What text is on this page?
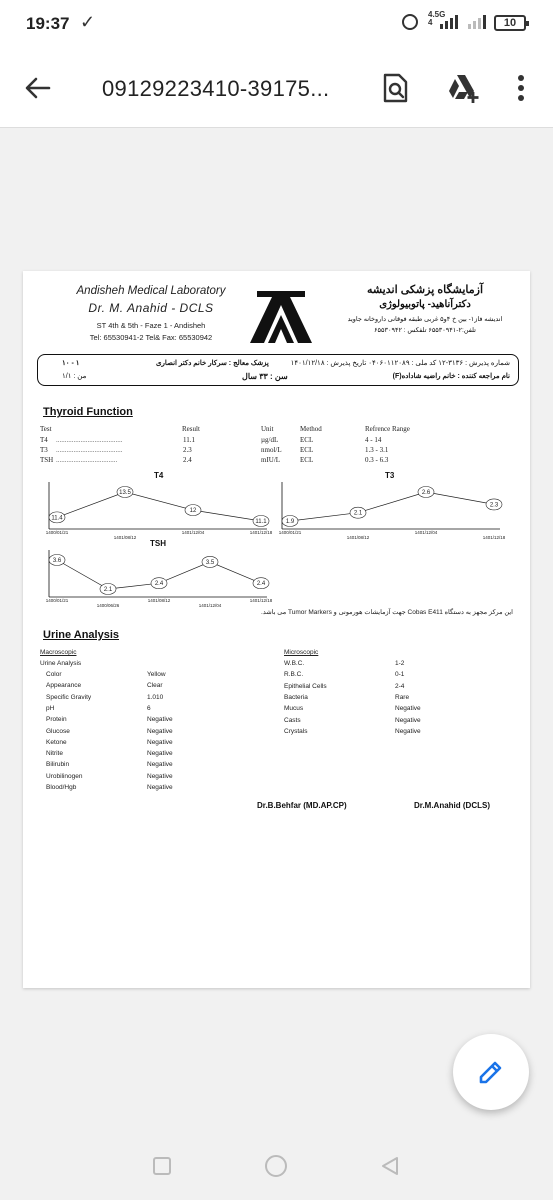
19:37 ✓	4.5G
4	10
09129223410-39175...
Andisheh Medical Laboratory
Dr. M. Anahid - DCLS
ST 4th & 5th - Faze 1 - Andisheh
Tel: 65530941-2 Tel& Fax: 65530942
آزمایشگاه پزشکی اندیشه
دکترآناهید- پاتوبیولوژی
اندیشه فاز۱- بین خ ۴و۵ غربی طبقه فوقانی داروخانه جاوید
تلفن:۲-۶۵۵۳۰۹۴۱ تلفکس : ۶۵۵۳۰۹۴۲
شماره پذیرش : ۳۱۳۶-۱۲ کد ملی : ۰۴۰۶۰۱۱۲۰۸۹ تاریخ پذیرش : ۱۴۰۱/۱۲/۱۸
پزشک معالج : سرکار خانم دکتر انصاری
۱ - ۱۰
نام مراجعه کننده : خانم راضیه شاداده(F)
سن : ۳۳ سال
من : ۱/۱
Thyroid Function
Test	Result	Unit	Method	Refrence Range
T4 ......................................	11.1	µg/dL	ECL	4 - 14
T3 ......................................	2.3	nmol/L	ECL	1.3 - 3.1
TSH ...................................	2.4	mIU/L	ECL	0.3 - 6.3
T4
11.4
13.5
12
11.1
1400/01/21
1401/08/12
1401/12/04	1401/12/18
T3
1.9
2.1
2.6
2.3
1400/01/21
1401/08/12
1401/12/04
1401/12/18
TSH
3.6
2.1
2.4
3.5
2.4
1400/01/21
1400/06/26
1401/08/12
1401/12/04
1401/12/18
این مرکز مجهز به دستگاه Cobas E411 جهت آزمایشات هورمونی و Tumor Markers می باشد.
Urine Analysis
Macroscopic
Urine Analysis
Color	Yellow
Appearance	Clear
Specific Gravity	1.010
pH	6
Protein	Negative
Glucose	Negative
Ketone	Negative
Nitrite	Negative
Bilirubin	Negative
Urobilinogen	Negative
Blood/Hgb	Negative
Microscopic
W.B.C.	1-2
R.B.C.	0-1
Epithelial Cells	2-4
Bacteria	Rare
Mucus	Negative
Casts	Negative
Crystals	Negative
Dr.B.Behfar (MD.AP.CP)	Dr.M.Anahid (DCLS)
